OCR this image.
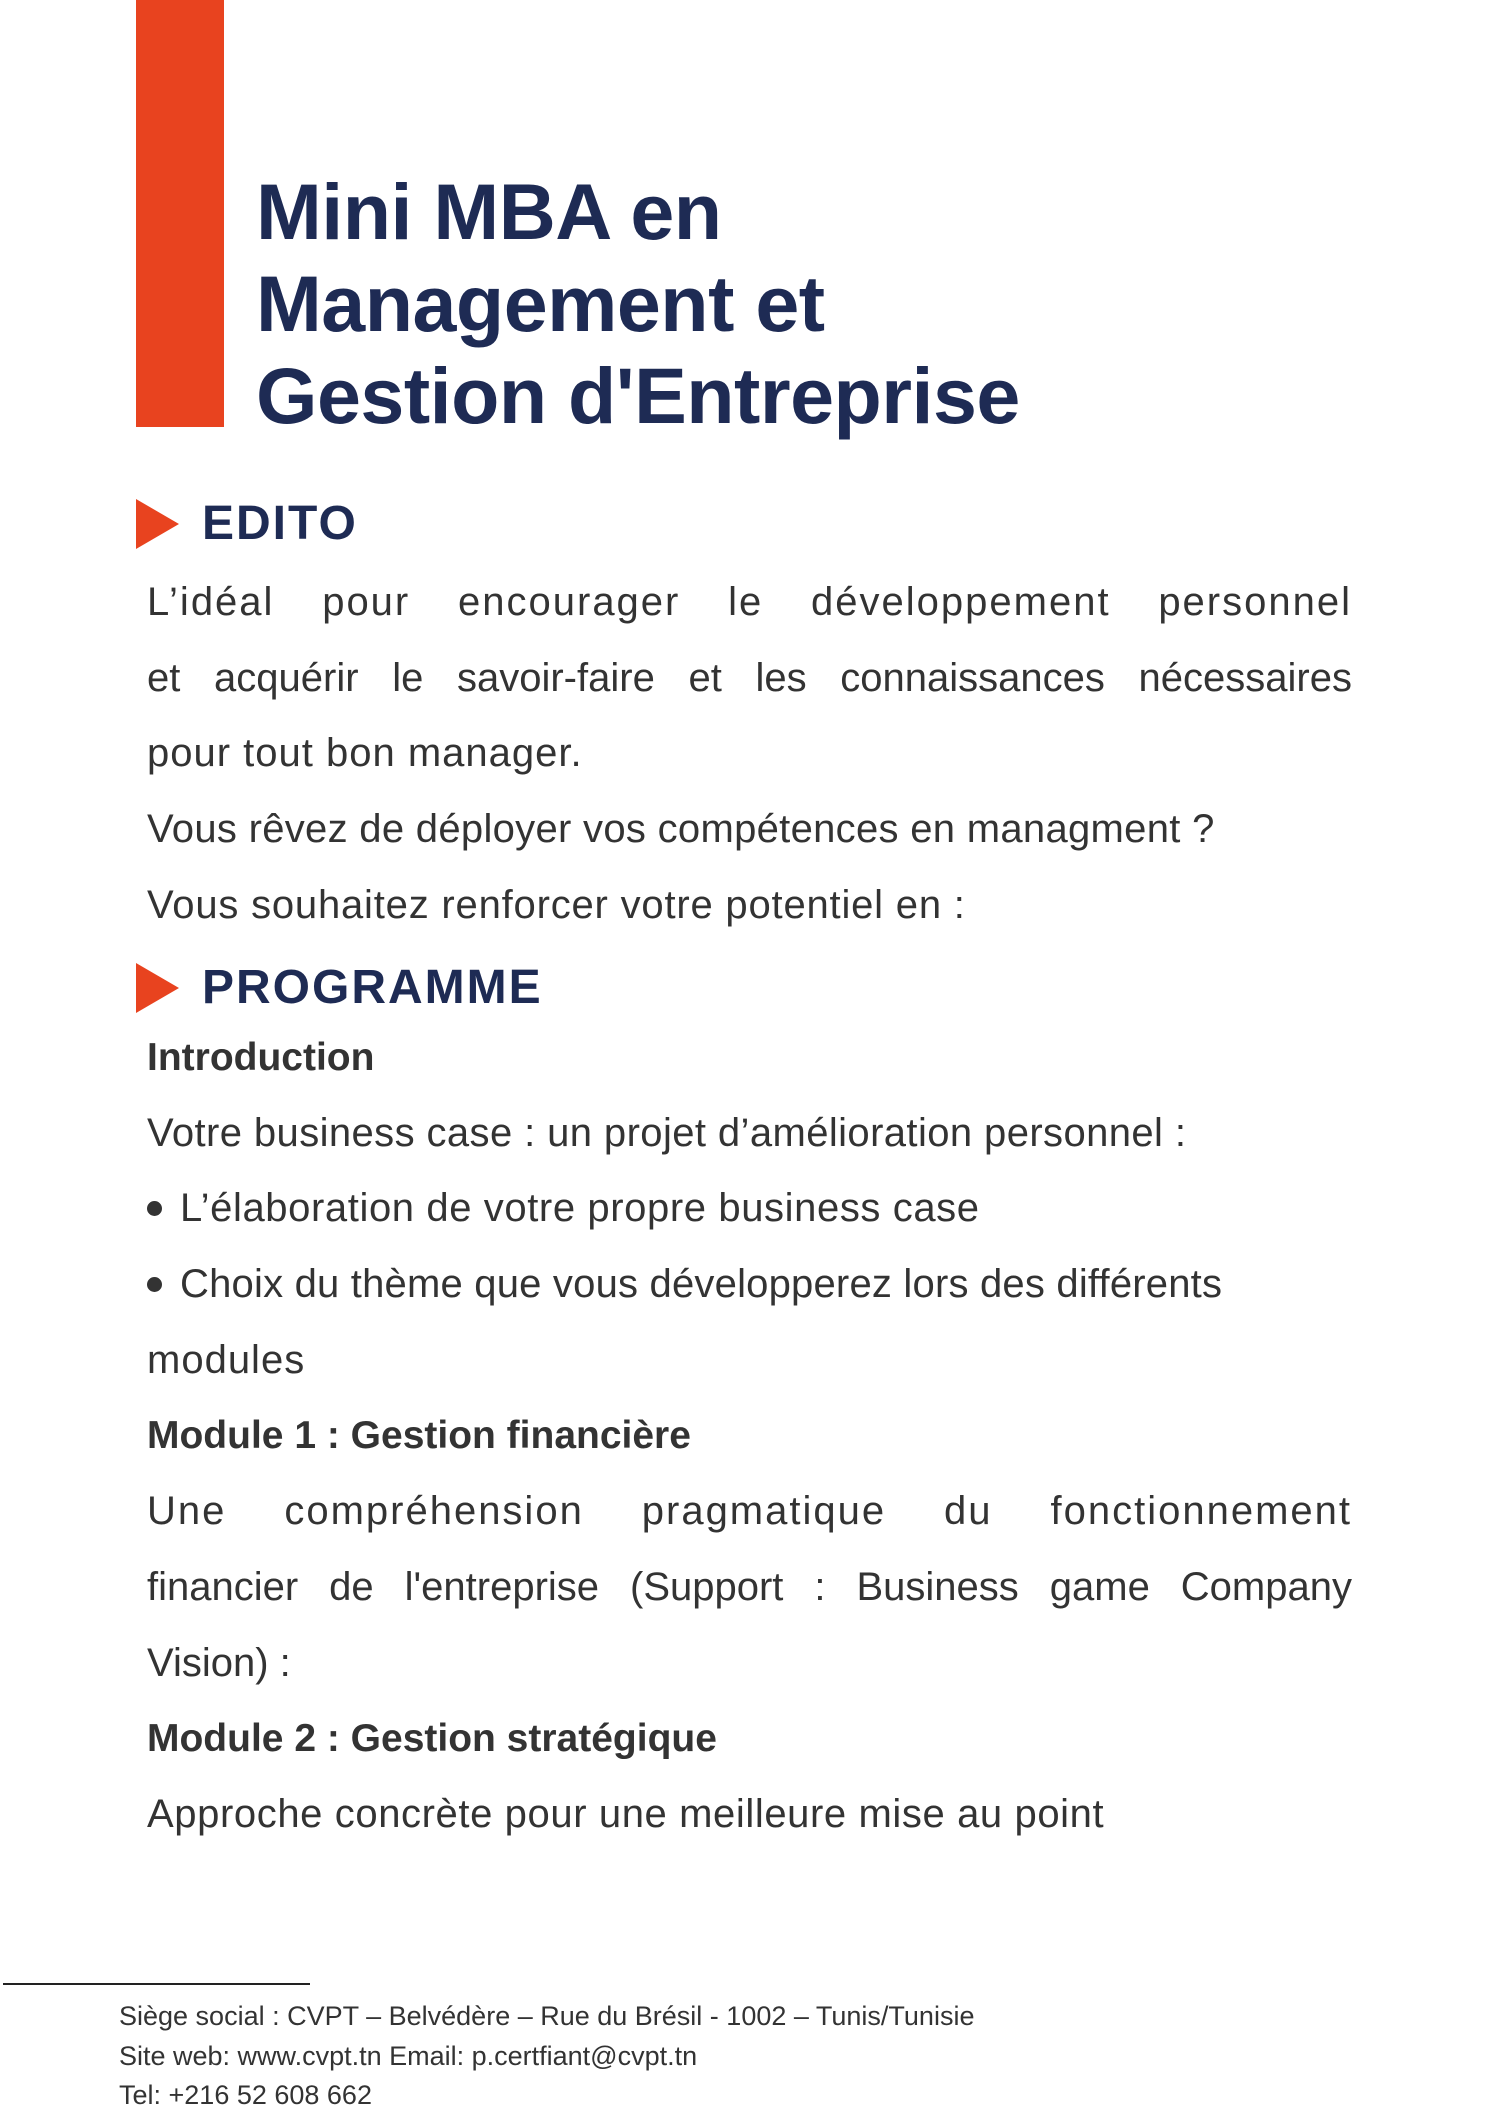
Mini MBA en
Management et
Gestion d'Entreprise
EDITO
L’idéal pour encourager le développement personnel
et acquérir le savoir-faire et les connaissances nécessaires
pour tout bon manager.
Vous rêvez de déployer vos compétences en managment ?
Vous souhaitez renforcer votre potentiel en :
PROGRAMME
Introduction
Votre business case : un projet d’amélioration personnel :
L’élaboration de votre propre business case
Choix du thème que vous développerez lors des différents
modules
Module 1 : Gestion financière
Une compréhension pragmatique du fonctionnement
financier de l'entreprise (Support : Business game Company
Vision) :
Module 2 : Gestion stratégique
Approche concrète pour une meilleure mise au point
Siège social : CVPT – Belvédère – Rue du Brésil - 1002 – Tunis/Tunisie
Site web: www.cvpt.tn Email: p.certfiant@cvpt.tn
Tel: +216 52 608 662
